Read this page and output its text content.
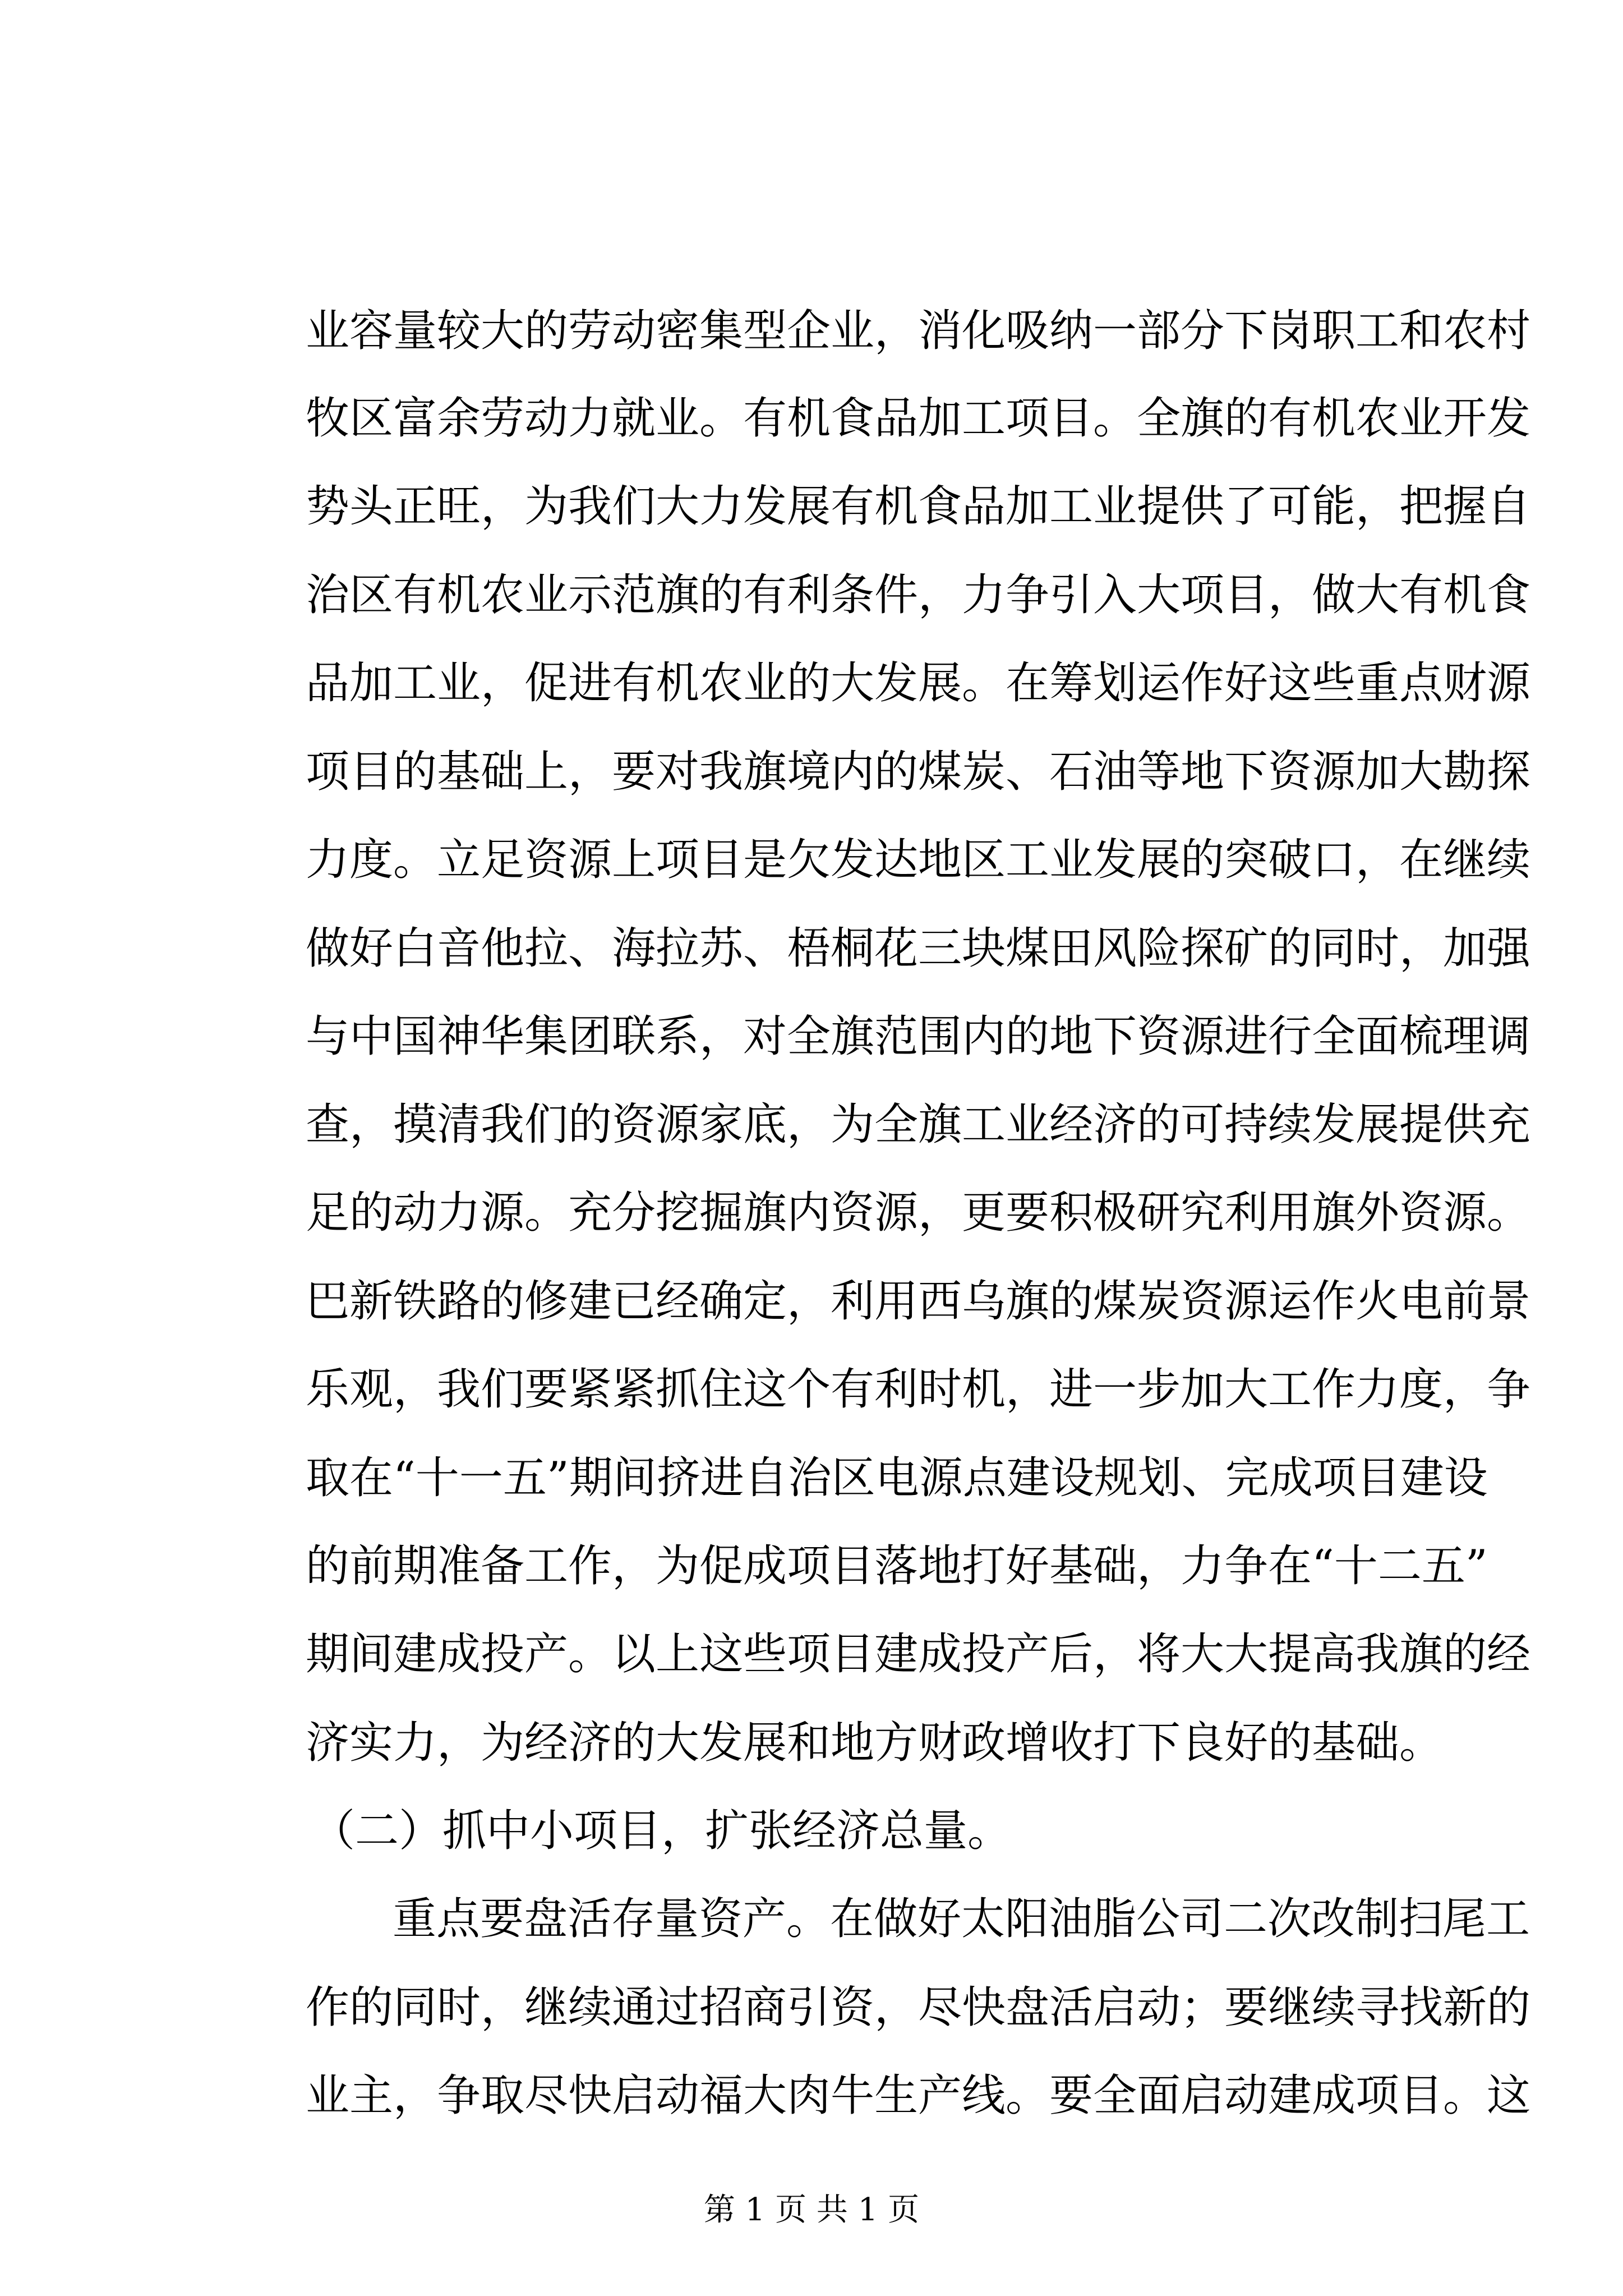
业容量较大的劳动密集型企业，消化吸纳一部分下岗职工和农村
牧区富余劳动力就业。有机食品加工项目。全旗的有机农业开发
势头正旺，为我们大力发展有机食品加工业提供了可能，把握自
治区有机农业示范旗的有利条件，力争引入大项目，做大有机食
品加工业，促进有机农业的大发展。在筹划运作好这些重点财源
项目的基础上，要对我旗境内的煤炭、石油等地下资源加大勘探
力度。立足资源上项目是欠发达地区工业发展的突破口，在继续
做好白音他拉、海拉苏、梧桐花三块煤田风险探矿的同时，加强
与中国神华集团联系，对全旗范围内的地下资源进行全面梳理调
查，摸清我们的资源家底，为全旗工业经济的可持续发展提供充
足的动力源。充分挖掘旗内资源，更要积极研究利用旗外资源。
巴新铁路的修建已经确定，利用西乌旗的煤炭资源运作火电前景
乐观，我们要紧紧抓住这个有利时机，进一步加大工作力度，争
取在“十一五”期间挤进自治区电源点建设规划、完成项目建设
的前期准备工作，为促成项目落地打好基础，力争在“十二五”
期间建成投产。以上这些项目建成投产后，将大大提高我旗的经
济实力，为经济的大发展和地方财政增收打下良好的基础。
（二）抓中小项目，扩张经济总量。
重点要盘活存量资产。在做好太阳油脂公司二次改制扫尾工
作的同时，继续通过招商引资，尽快盘活启动；要继续寻找新的
业主，争取尽快启动福大肉牛生产线。要全面启动建成项目。这
第 1 页 共 1 页
